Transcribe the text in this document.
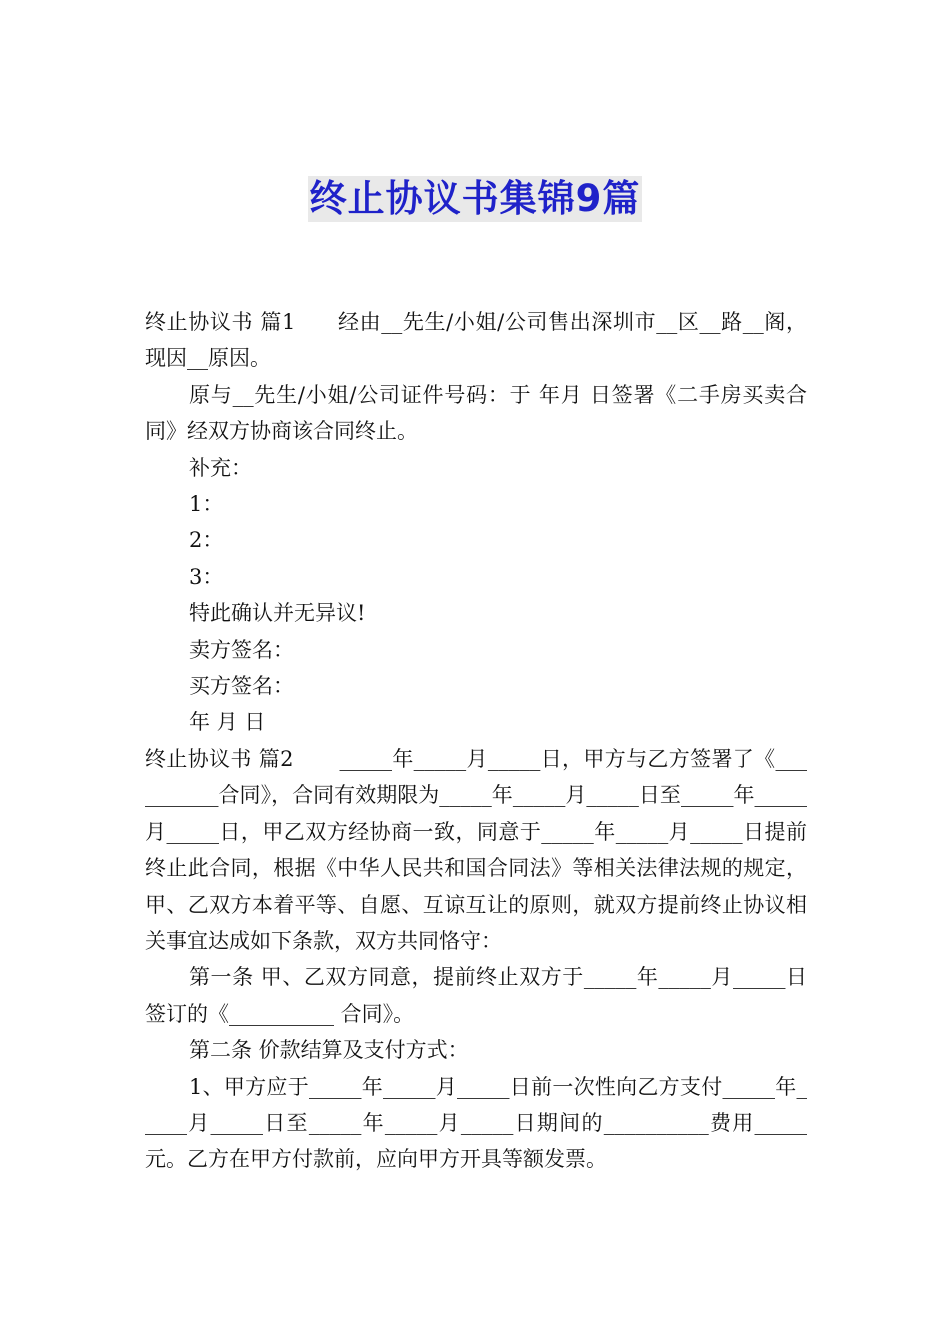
终止协议书集锦9篇

终止协议书 篇1 经由__先生/小姐/公司售出深圳市__区__路__阁，现因__原因。

原与__先生/小姐/公司证件号码：于 年月 日签署《二手房买卖合同》经双方协商该合同终止。

补充：

1：

2：

3：

特此确认并无异议!

卖方签名：

买方签名：

年 月 日

终止协议书 篇2 _____年_____月_____日，甲方与乙方签署了《__________合同》，合同有效期限为_____年_____月_____日至_____年_____月_____日，甲乙双方经协商一致，同意于_____年_____月_____日提前终止此合同，根据《中华人民共和国合同法》等相关法律法规的规定，甲、乙双方本着平等、自愿、互谅互让的原则，就双方提前终止协议相关事宜达成如下条款，双方共同恪守：

第一条 甲、乙双方同意，提前终止双方于_____年_____月_____日签订的《__________ 合同》。

第二条 价款结算及支付方式：

1、甲方应于_____年_____月_____日前一次性向乙方支付_____年_____月_____日至_____年_____月_____日期间的__________费用_____元。乙方在甲方付款前，应向甲方开具等额发票。
